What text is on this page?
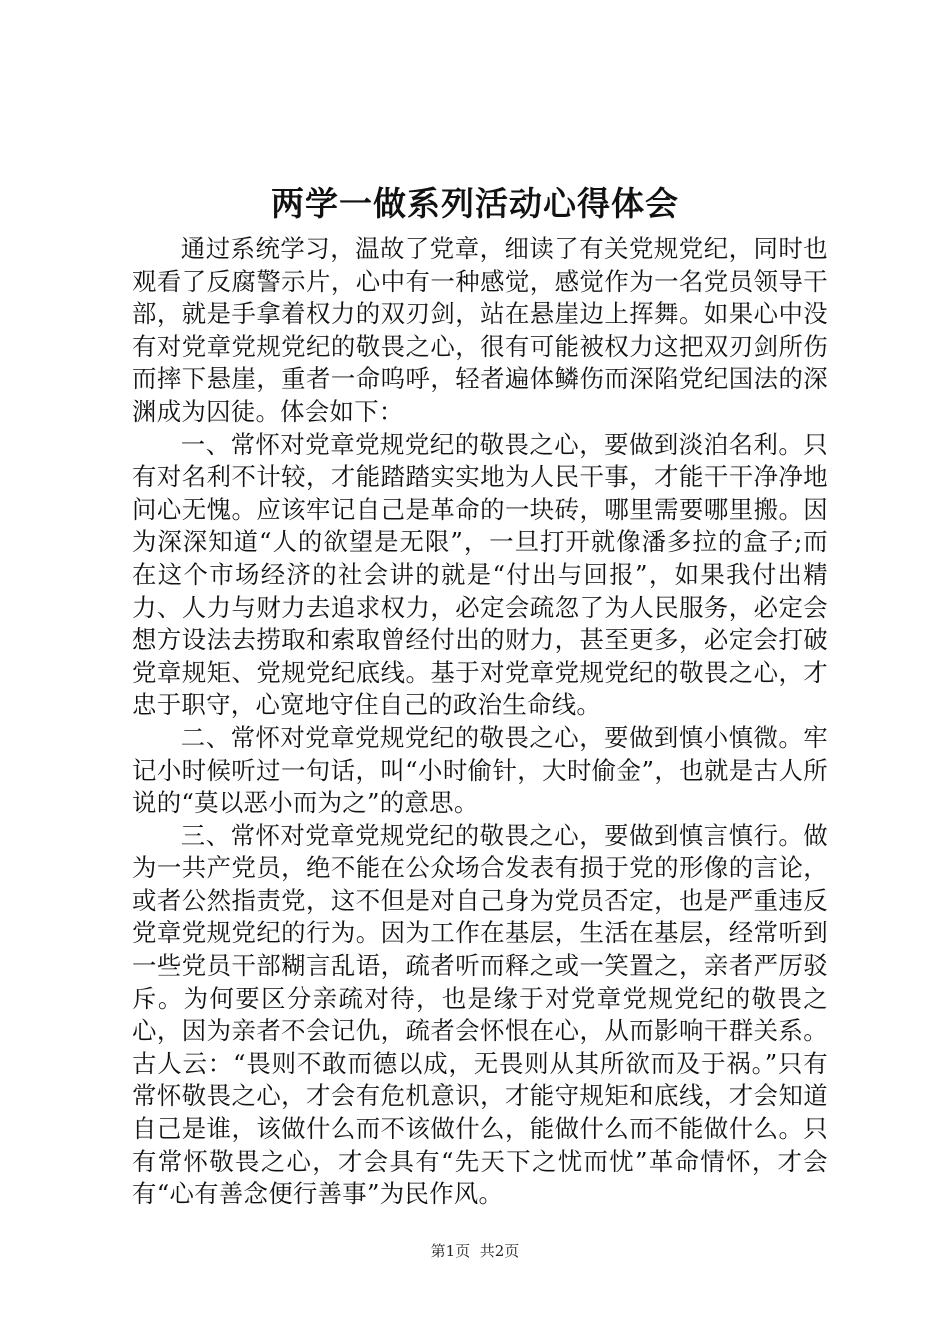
两学一做系列活动心得体会

通过系统学习，温故了党章，细读了有关党规党纪，同时也观看了反腐警示片，心中有一种感觉，感觉作为一名党员领导干部，就是手拿着权力的双刃剑，站在悬崖边上挥舞。如果心中没有对党章党规党纪的敬畏之心，很有可能被权力这把双刃剑所伤而摔下悬崖，重者一命呜呼，轻者遍体鳞伤而深陷党纪国法的深渊成为囚徒。体会如下：

一、常怀对党章党规党纪的敬畏之心，要做到淡泊名利。只有对名利不计较，才能踏踏实实地为人民干事，才能干干净净地问心无愧。应该牢记自己是革命的一块砖，哪里需要哪里搬。因为深深知道“人的欲望是无限”，一旦打开就像潘多拉的盒子;而在这个市场经济的社会讲的就是“付出与回报”，如果我付出精力、人力与财力去追求权力，必定会疏忽了为人民服务，必定会想方设法去捞取和索取曾经付出的财力，甚至更多，必定会打破党章规矩、党规党纪底线。基于对党章党规党纪的敬畏之心，才忠于职守，心宽地守住自己的政治生命线。

二、常怀对党章党规党纪的敬畏之心，要做到慎小慎微。牢记小时候听过一句话，叫“小时偷针，大时偷金”，也就是古人所说的“莫以恶小而为之”的意思。

三、常怀对党章党规党纪的敬畏之心，要做到慎言慎行。做为一共产党员，绝不能在公众场合发表有损于党的形像的言论，或者公然指责党，这不但是对自己身为党员否定，也是严重违反党章党规党纪的行为。因为工作在基层，生活在基层，经常听到一些党员干部糊言乱语，疏者听而释之或一笑置之，亲者严厉驳斥。为何要区分亲疏对待，也是缘于对党章党规党纪的敬畏之心，因为亲者不会记仇，疏者会怀恨在心，从而影响干群关系。古人云：“畏则不敢而德以成，无畏则从其所欲而及于祸。”只有常怀敬畏之心，才会有危机意识，才能守规矩和底线，才会知道自己是谁，该做什么而不该做什么，能做什么而不能做什么。只有常怀敬畏之心，才会具有“先天下之忧而忧”革命情怀，才会有“心有善念便行善事”为民作风。

第1页 共2页
